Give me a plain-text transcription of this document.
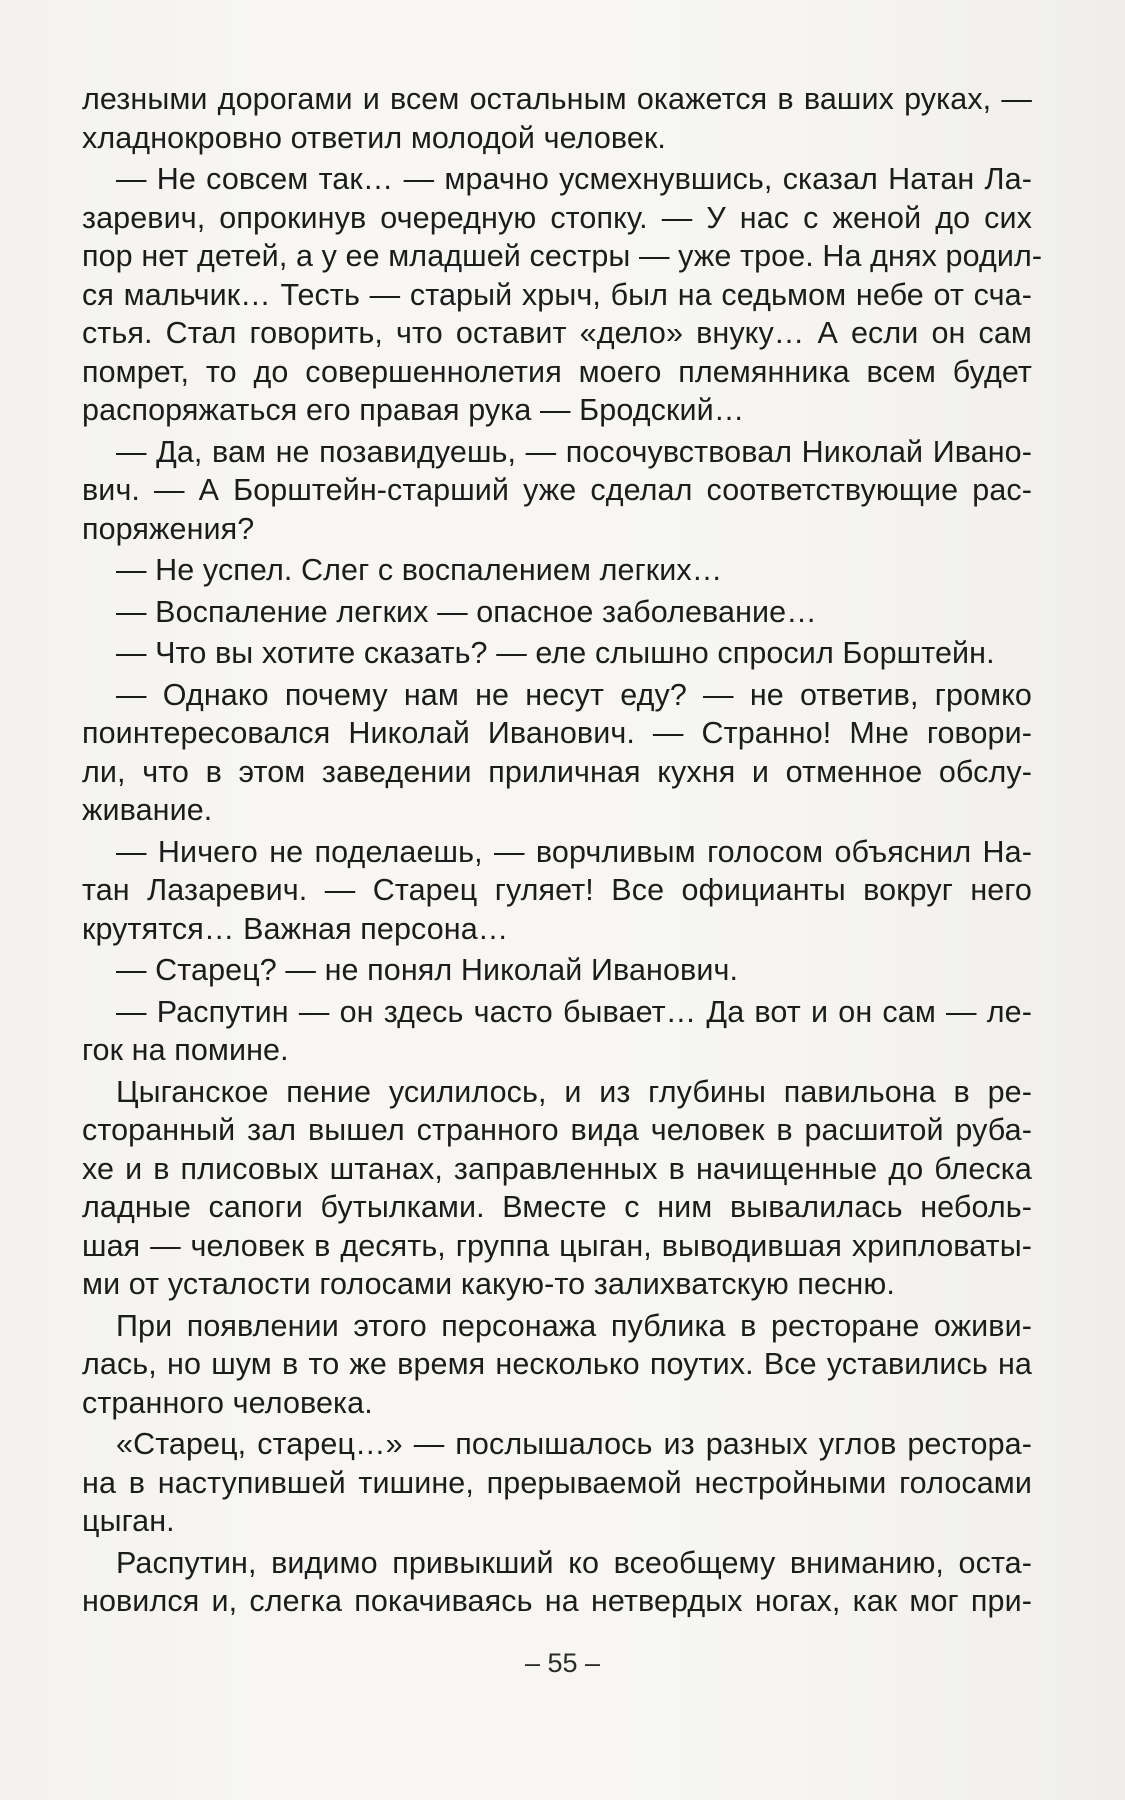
лезными дорогами и всем остальным окажется в ваших руках, —
хладнокровно ответил молодой человек.
— Не совсем так… — мрачно усмехнувшись, сказал Натан Ла-
заревич, опрокинув очередную стопку. — У нас с женой до сих
пор нет детей, а у ее младшей сестры — уже трое. На днях родил-
ся мальчик… Тесть — старый хрыч, был на седьмом небе от сча-
стья. Стал говорить, что оставит «дело» внуку… А если он сам
помрет, то до совершеннолетия моего племянника всем будет
распоряжаться его правая рука — Бродский…
— Да, вам не позавидуешь, — посочувствовал Николай Ивано-
вич. — А Борштейн-старший уже сделал соответствующие рас-
поряжения?
— Не успел. Слег с воспалением легких…
— Воспаление легких — опасное заболевание…
— Что вы хотите сказать? — еле слышно спросил Борштейн.
— Однако почему нам не несут еду? — не ответив, громко
поинтересовался Николай Иванович. — Странно! Мне говори-
ли, что в этом заведении приличная кухня и отменное обслу-
живание.
— Ничего не поделаешь, — ворчливым голосом объяснил На-
тан Лазаревич. — Старец гуляет! Все официанты вокруг него
крутятся… Важная персона…
— Старец? — не понял Николай Иванович.
— Распутин — он здесь часто бывает… Да вот и он сам — ле-
гок на помине.
Цыганское пение усилилось, и из глубины павильона в ре-
сторанный зал вышел странного вида человек в расшитой руба-
хе и в плисовых штанах, заправленных в начищенные до блеска
ладные сапоги бутылками. Вместе с ним вывалилась неболь-
шая — человек в десять, группа цыган, выводившая хрипловаты-
ми от усталости голосами какую-то залихватскую песню.
При появлении этого персонажа публика в ресторане оживи-
лась, но шум в то же время несколько поутих. Все уставились на
странного человека.
«Старец, старец…» — послышалось из разных углов рестора-
на в наступившей тишине, прерываемой нестройными голосами
цыган.
Распутин, видимо привыкший ко всеобщему вниманию, оста-
новился и, слегка покачиваясь на нетвердых ногах, как мог при-
– 55 –
